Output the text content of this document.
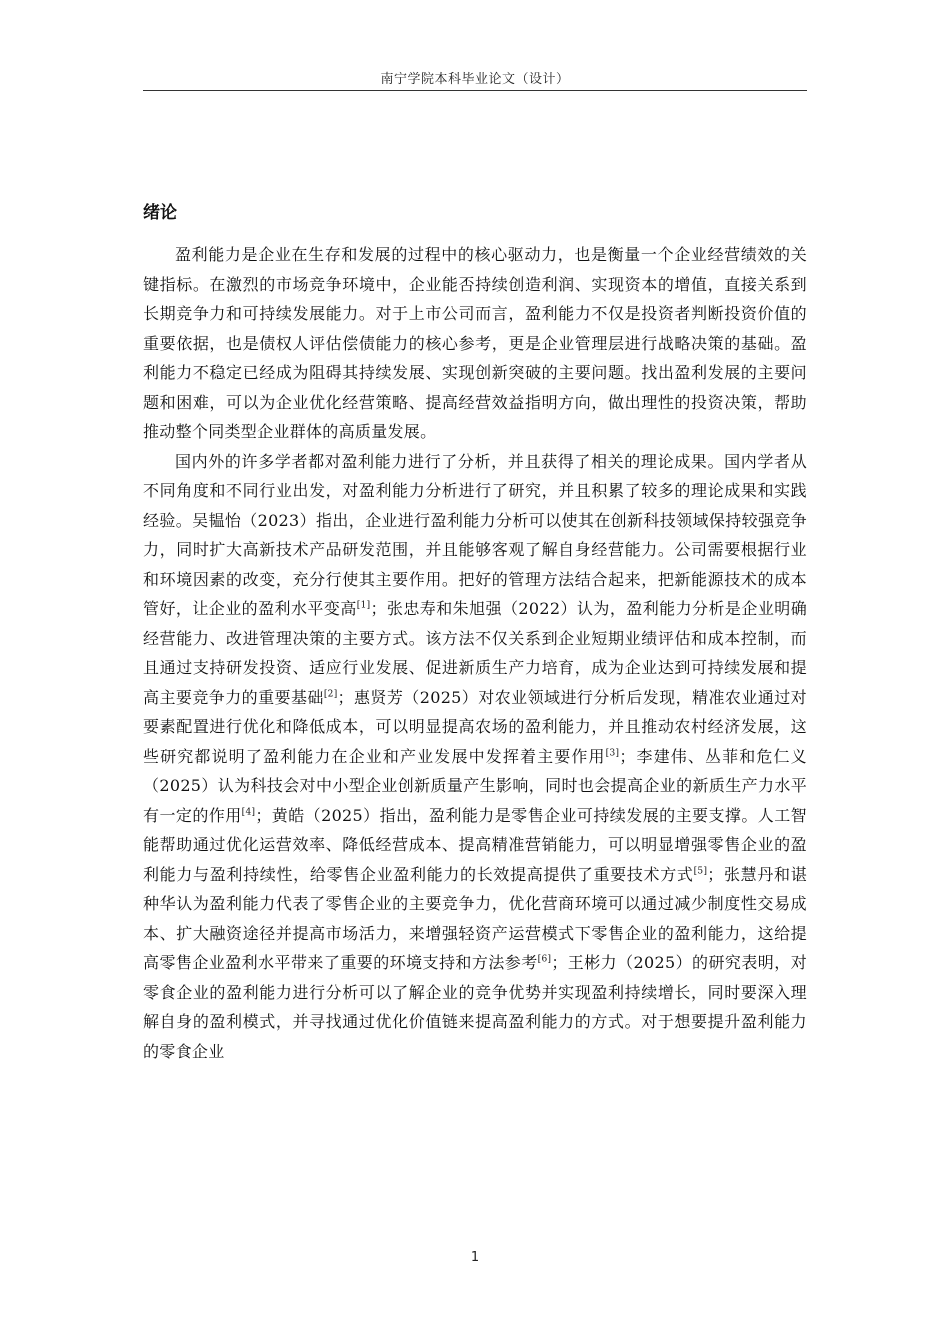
南宁学院本科毕业论文（设计）
绪论

盈利能力是企业在生存和发展的过程中的核心驱动力，也是衡量一个企业经营绩效的关键指标。在激烈的市场竞争环境中，企业能否持续创造利润、实现资本的增值，直接关系到长期竞争力和可持续发展能力。对于上市公司而言，盈利能力不仅是投资者判断投资价值的重要依据，也是债权人评估偿债能力的核心参考，更是企业管理层进行战略决策的基础。盈利能力不稳定已经成为阻碍其持续发展、实现创新突破的主要问题。找出盈利发展的主要问题和困难，可以为企业优化经营策略、提高经营效益指明方向，做出理性的投资决策，帮助推动整个同类型企业群体的高质量发展。

国内外的许多学者都对盈利能力进行了分析，并且获得了相关的理论成果。国内学者从不同角度和不同行业出发，对盈利能力分析进行了研究，并且积累了较多的理论成果和实践经验。吴韫怡（2023）指出，企业进行盈利能力分析可以使其在创新科技领域保持较强竞争力，同时扩大高新技术产品研发范围，并且能够客观了解自身经营能力。公司需要根据行业和环境因素的改变，充分行使其主要作用。把好的管理方法结合起来，把新能源技术的成本管好，让企业的盈利水平变高[1]；张忠寿和朱旭强（2022）认为，盈利能力分析是企业明确经营能力、改进管理决策的主要方式。该方法不仅关系到企业短期业绩评估和成本控制，而且通过支持研发投资、适应行业发展、促进新质生产力培育，成为企业达到可持续发展和提高主要竞争力的重要基础[2]；惠贤芳（2025）对农业领域进行分析后发现，精准农业通过对要素配置进行优化和降低成本，可以明显提高农场的盈利能力，并且推动农村经济发展，这些研究都说明了盈利能力在企业和产业发展中发挥着主要作用[3]；李建伟、丛菲和危仁义（2025）认为科技会对中小型企业创新质量产生影响，同时也会提高企业的新质生产力水平有一定的作用[4]；黄皓（2025）指出，盈利能力是零售企业可持续发展的主要支撑。人工智能帮助通过优化运营效率、降低经营成本、提高精准营销能力，可以明显增强零售企业的盈利能力与盈利持续性，给零售企业盈利能力的长效提高提供了重要技术方式[5]；张慧丹和谌种华认为盈利能力代表了零售企业的主要竞争力，优化营商环境可以通过减少制度性交易成本、扩大融资途径并提高市场活力，来增强轻资产运营模式下零售企业的盈利能力，这给提高零售企业盈利水平带来了重要的环境支持和方法参考[6]；王彬力（2025）的研究表明，对零食企业的盈利能力进行分析可以了解企业的竞争优势并实现盈利持续增长，同时要深入理解自身的盈利模式，并寻找通过优化价值链来提高盈利能力的方式。对于想要提升盈利能力的零食企业

1
